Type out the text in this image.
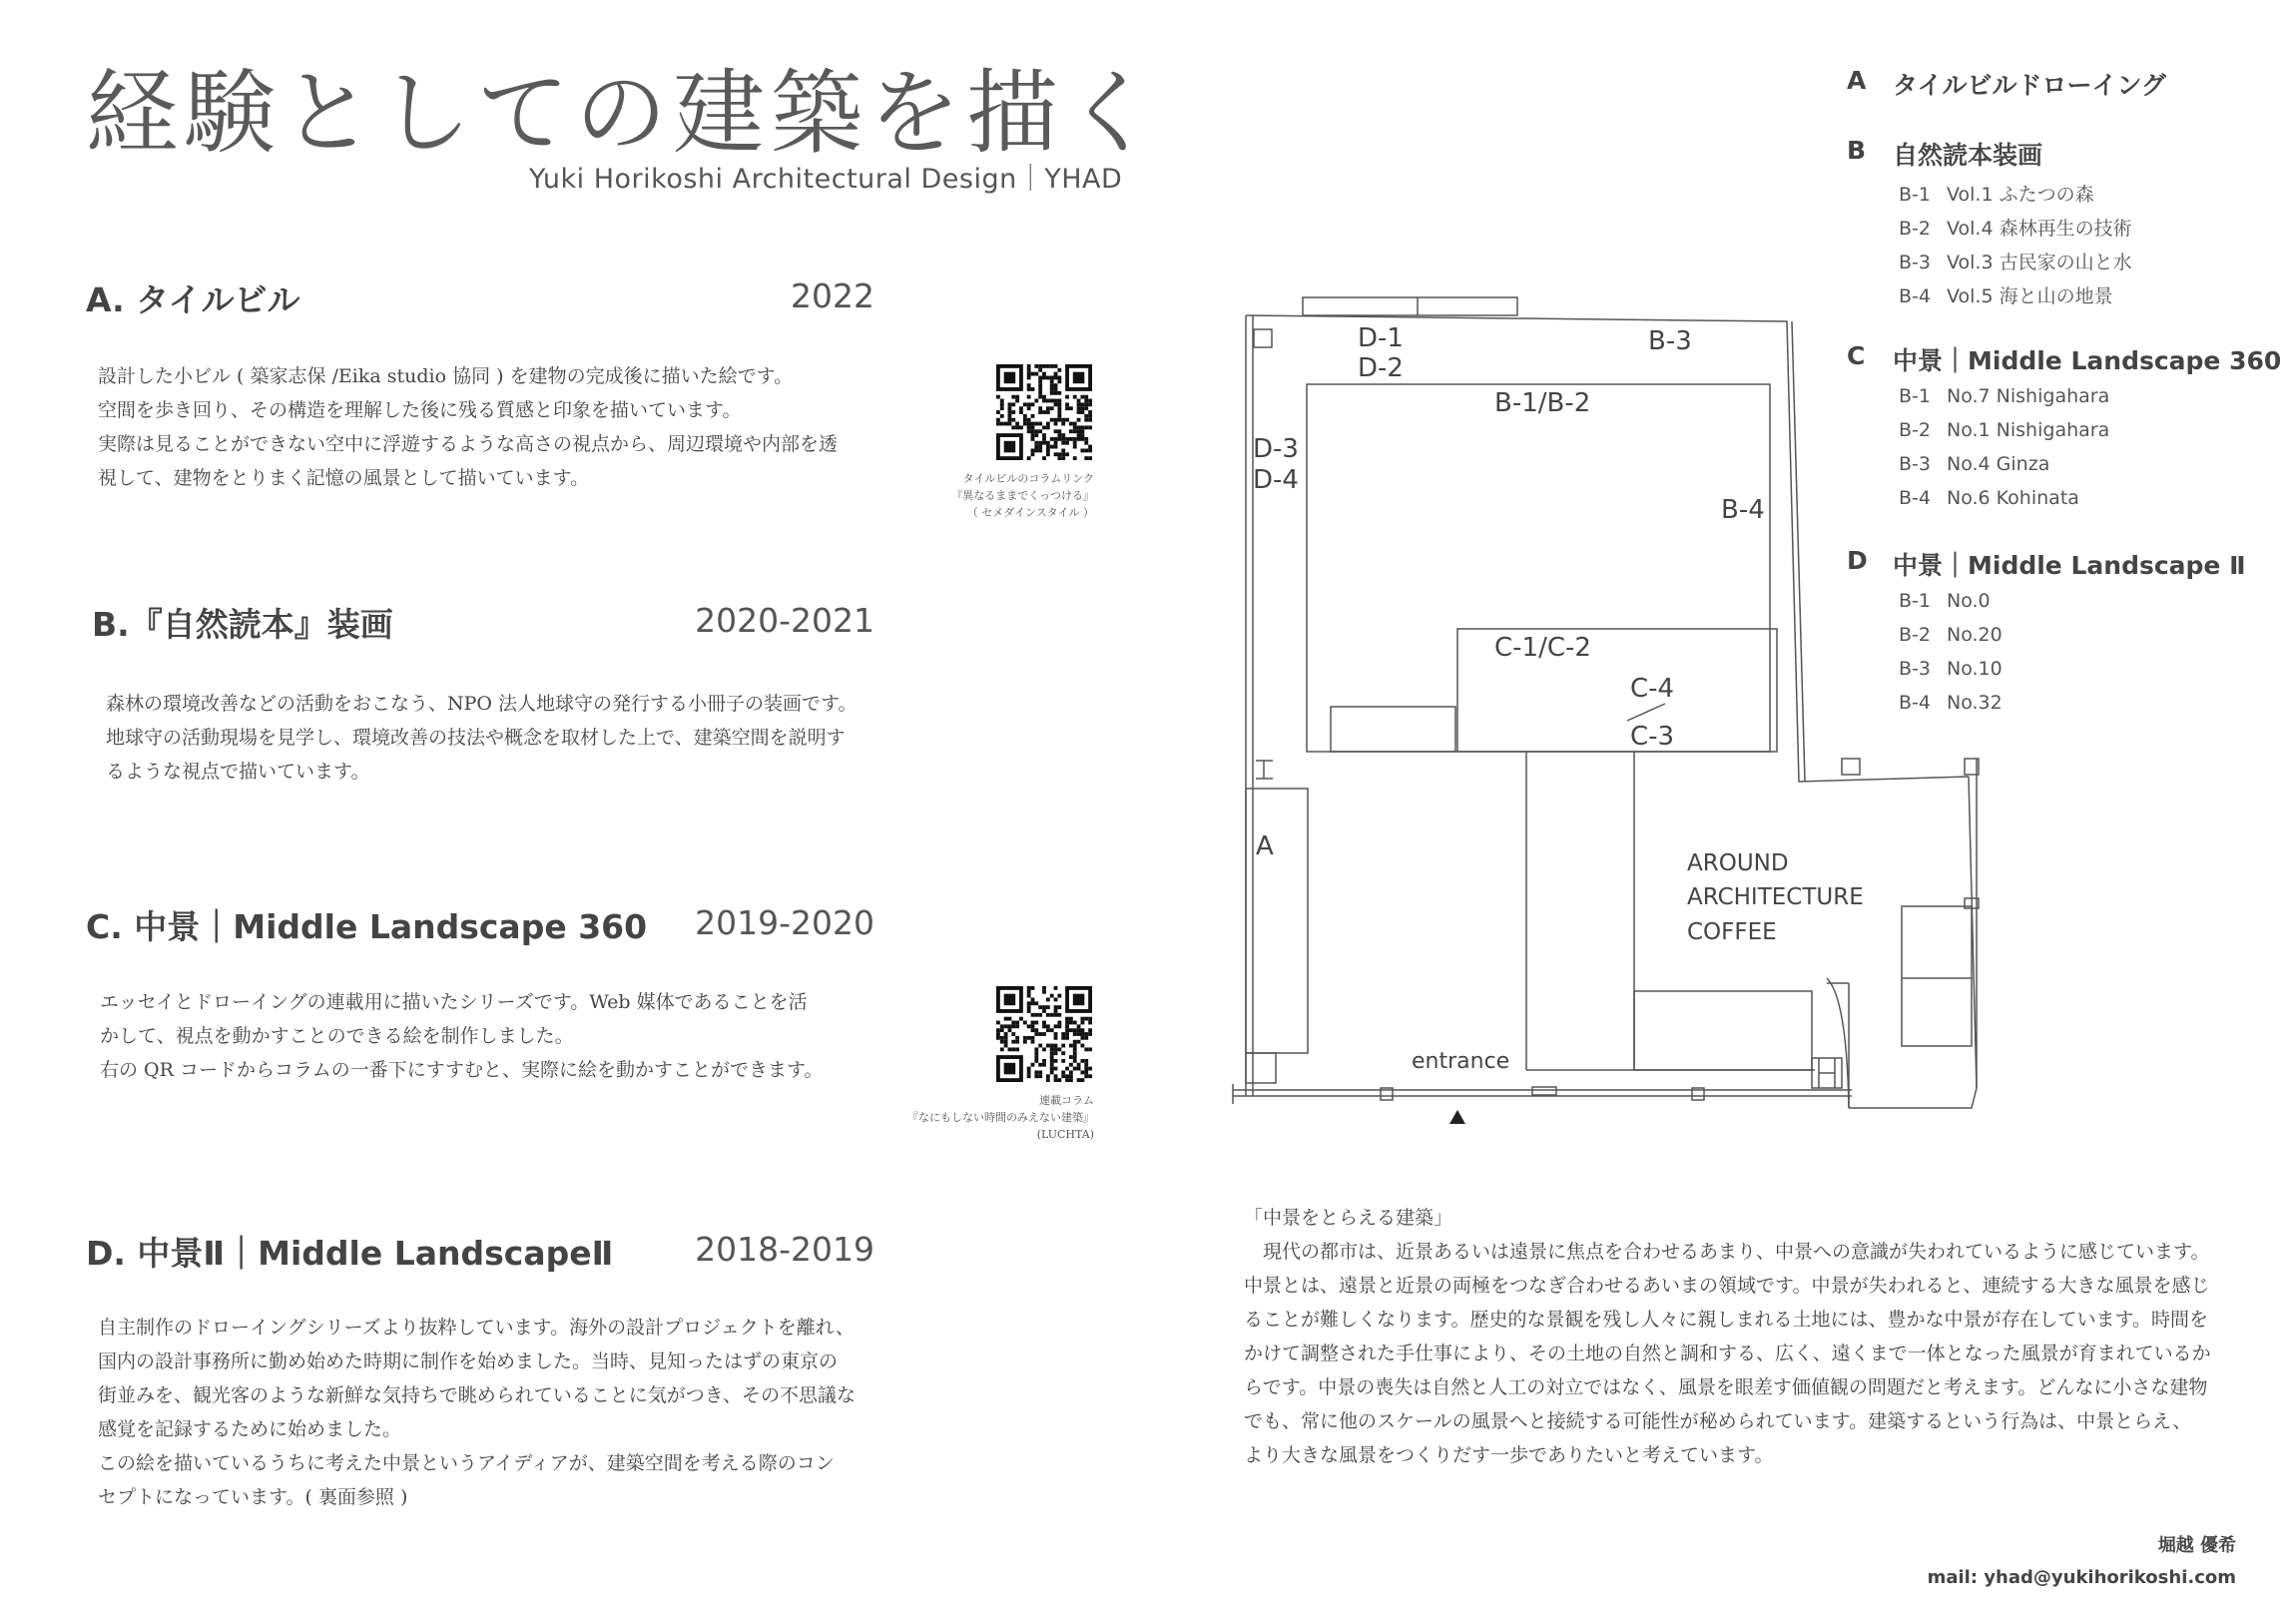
経験としての建築を描く
Yuki Horikoshi Architectural Design｜YHAD
A. タイルビル	2022
設計した小ビル ( 築家志保 /Eika studio 協同 ) を建物の完成後に描いた絵です。
空間を歩き回り、その構造を理解した後に残る質感と印象を描いています。
実際は見ることができない空中に浮遊するような高さの視点から、周辺環境や内部を透
視して、建物をとりまく記憶の風景として描いています。	タイルビルのコラムリンク
『異なるままでくっつける』
（ セメダインスタイル ）
B.『自然読本』装画	2020-2021
森林の環境改善などの活動をおこなう、NPO 法人地球守の発行する小冊子の装画です。
地球守の活動現場を見学し、環境改善の技法や概念を取材した上で、建築空間を説明す
るような視点で描いています。
C. 中景｜Middle Landscape 360 2019-2020
エッセイとドローイングの連載用に描いたシリーズです。Web 媒体であることを活
かして、視点を動かすことのできる絵を制作しました。
右の QR コードからコラムの一番下にすすむと、実際に絵を動かすことができます。
連載コラム
『なにもしない時間のみえない建築』
(LUCHTA)
D. 中景Ⅱ｜Middle LandscapeⅡ 2018-2019
自主制作のドローイングシリーズより抜粋しています。海外の設計プロジェクトを離れ、
国内の設計事務所に勤め始めた時期に制作を始めました。当時、見知ったはずの東京の
街並みを、観光客のような新鮮な気持ちで眺められていることに気がつき、その不思議な
感覚を記録するために始めました。
この絵を描いているうちに考えた中景というアイディアが、建築空間を考える際のコン
セプトになっています。( 裏面参照 )
A タイルビルドローイング
B 自然読本装画
B-1 Vol.1 ふたつの森
B-2 Vol.4 森林再生の技術
B-3 Vol.3 古民家の山と水
B-4 Vol.5 海と山の地景
C 中景｜Middle Landscape 360
B-1 No.7 Nishigahara
B-2 No.1 Nishigahara
B-3 No.4 Ginza
B-4 No.6 Kohinata
D 中景｜Middle Landscape Ⅱ
B-1 No.0
B-2 No.20
B-3 No.10
B-4 No.32
D-1
D-2
B-3
B-1/B-2
D-3
D-4
B-4
C-1/C-2
C-4
C-3
A
AROUND
ARCHITECTURE
COFFEE
entrance
「中景をとらえる建築」
　現代の都市は、近景あるいは遠景に焦点を合わせるあまり、中景への意識が失われているように感じています。
中景とは、遠景と近景の両極をつなぎ合わせるあいまの領域です。中景が失われると、連続する大きな風景を感じ
ることが難しくなります。歴史的な景観を残し人々に親しまれる土地には、豊かな中景が存在しています。時間を
かけて調整された手仕事により、その土地の自然と調和する、広く、遠くまで一体となった風景が育まれているか
らです。中景の喪失は自然と人工の対立ではなく、風景を眼差す価値観の問題だと考えます。どんなに小さな建物
でも、常に他のスケールの風景へと接続する可能性が秘められています。建築するという行為は、中景とらえ、
より大きな風景をつくりだす一歩でありたいと考えています。
堀越 優希
mail: yhad@yukihorikoshi.com
